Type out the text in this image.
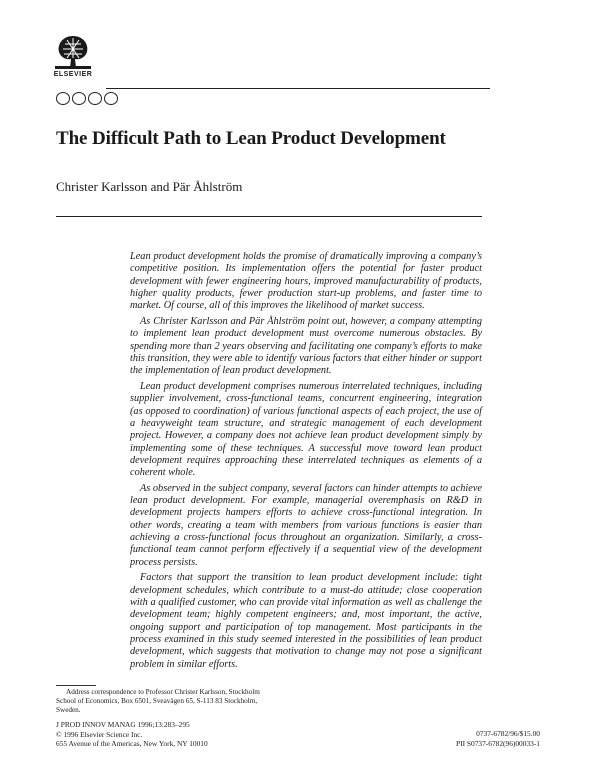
ELSEVIER
The Difficult Path to Lean Product Development

Christer Karlsson and Pär Åhlström

Lean product development holds the promise of dramatically improving a company’s competitive position. Its implementation offers the potential for faster product development with fewer engineering hours, improved manufacturability of products, higher quality products, fewer production start-up problems, and faster time to market. Of course, all of this improves the likelihood of market success.

As Christer Karlsson and Pär Åhlström point out, however, a company attempting to implement lean product development must overcome numerous obstacles. By spending more than 2 years observing and facilitating one company’s efforts to make this transition, they were able to identify various factors that either hinder or support the implementation of lean product development.

Lean product development comprises numerous interrelated techniques, including supplier involvement, cross-functional teams, concurrent engineering, integration (as opposed to coordination) of various functional aspects of each project, the use of a heavyweight team structure, and strategic management of each development project. However, a company does not achieve lean product development simply by implementing some of these techniques. A successful move toward lean product development requires approaching these interrelated techniques as elements of a coherent whole.

As observed in the subject company, several factors can hinder attempts to achieve lean product development. For example, managerial overemphasis on R&D in development projects hampers efforts to achieve cross-functional integration. In other words, creating a team with members from various functions is easier than achieving a cross-functional focus throughout an organization. Similarly, a cross-functional team cannot perform effectively if a sequential view of the development process persists.

Factors that support the transition to lean product development include: tight development schedules, which contribute to a must-do attitude; close cooperation with a qualified customer, who can provide vital information as well as challenge the development team; highly competent engineers; and, most important, the active, ongoing support and participation of top management. Most participants in the process examined in this study seemed interested in the possibilities of lean product development, which suggests that motivation to change may not pose a significant problem in similar efforts.

Address correspondence to Professor Christer Karlsson, Stockholm School of Economics, Box 6501, Sveavägen 65, S-113 83 Stockholm, Sweden.

J PROD INNOV MANAG 1996;13:283–295
© 1996 Elsevier Science Inc.
655 Avenue of the Americas, New York, NY 10010
0737-6782/96/$15.00
PII S0737-6782(96)00033-1
